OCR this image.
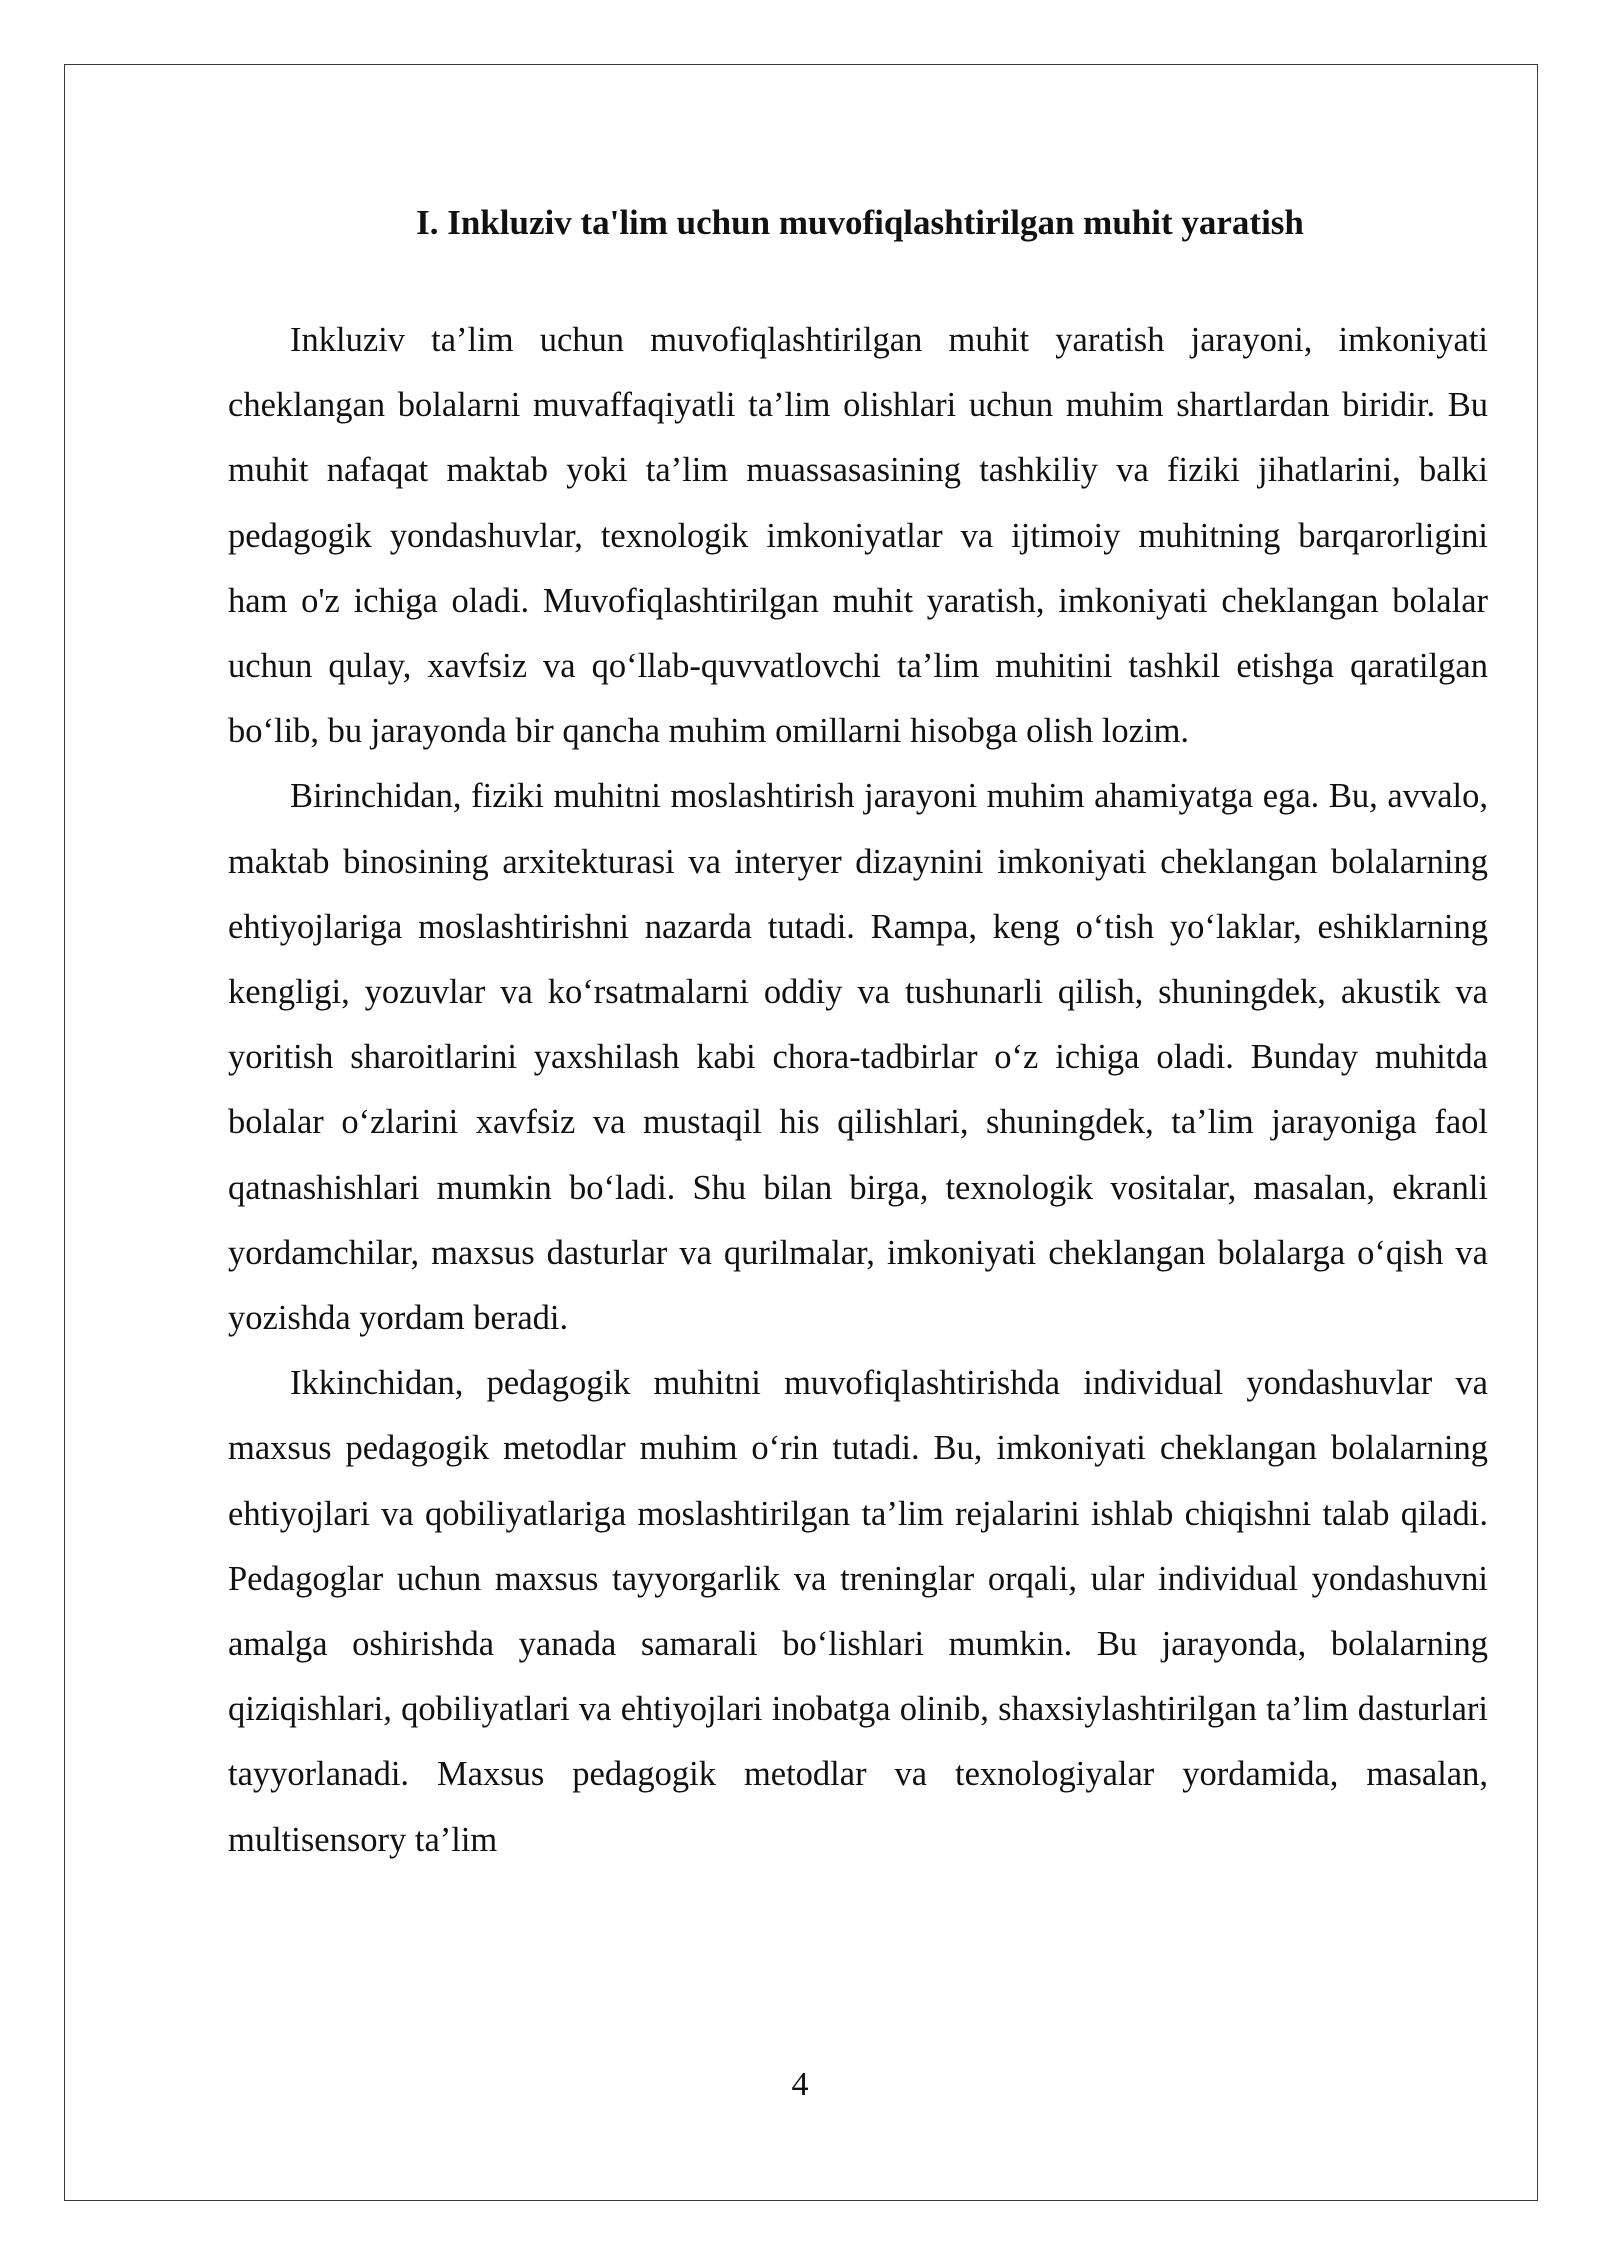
I. Inkluziv ta'lim uchun muvofiqlashtirilgan muhit yaratish

Inkluziv ta’lim uchun muvofiqlashtirilgan muhit yaratish jarayoni, imkoniyati cheklangan bolalarni muvaffaqiyatli ta’lim olishlari uchun muhim shartlardan biridir. Bu muhit nafaqat maktab yoki ta’lim muassasasining tashkiliy va fiziki jihatlarini, balki pedagogik yondashuvlar, texnologik imkoniyatlar va ijtimoiy muhitning barqarorligini ham o'z ichiga oladi. Muvofiqlashtirilgan muhit yaratish, imkoniyati cheklangan bolalar uchun qulay, xavfsiz va qo‘llab-quvvatlovchi ta’lim muhitini tashkil etishga qaratilgan bo‘lib, bu jarayonda bir qancha muhim omillarni hisobga olish lozim.

Birinchidan, fiziki muhitni moslashtirish jarayoni muhim ahamiyatga ega. Bu, avvalo, maktab binosining arxitekturasi va interyer dizaynini imkoniyati cheklangan bolalarning ehtiyojlariga moslashtirishni nazarda tutadi. Rampa, keng o‘tish yo‘laklar, eshiklarning kengligi, yozuvlar va ko‘rsatmalarni oddiy va tushunarli qilish, shuningdek, akustik va yoritish sharoitlarini yaxshilash kabi chora-tadbirlar o‘z ichiga oladi. Bunday muhitda bolalar o‘zlarini xavfsiz va mustaqil his qilishlari, shuningdek, ta’lim jarayoniga faol qatnashishlari mumkin bo‘ladi. Shu bilan birga, texnologik vositalar, masalan, ekranli yordamchilar, maxsus dasturlar va qurilmalar, imkoniyati cheklangan bolalarga o‘qish va yozishda yordam beradi.

Ikkinchidan, pedagogik muhitni muvofiqlashtirishda individual yondashuvlar va maxsus pedagogik metodlar muhim o‘rin tutadi. Bu, imkoniyati cheklangan bolalarning ehtiyojlari va qobiliyatlariga moslashtirilgan ta’lim rejalarini ishlab chiqishni talab qiladi. Pedagoglar uchun maxsus tayyorgarlik va treninglar orqali, ular individual yondashuvni amalga oshirishda yanada samarali bo‘lishlari mumkin. Bu jarayonda, bolalarning qiziqishlari, qobiliyatlari va ehtiyojlari inobatga olinib, shaxsiylashtirilgan ta’lim dasturlari tayyorlanadi. Maxsus pedagogik metodlar va texnologiyalar yordamida, masalan, multisensory ta’lim

4
